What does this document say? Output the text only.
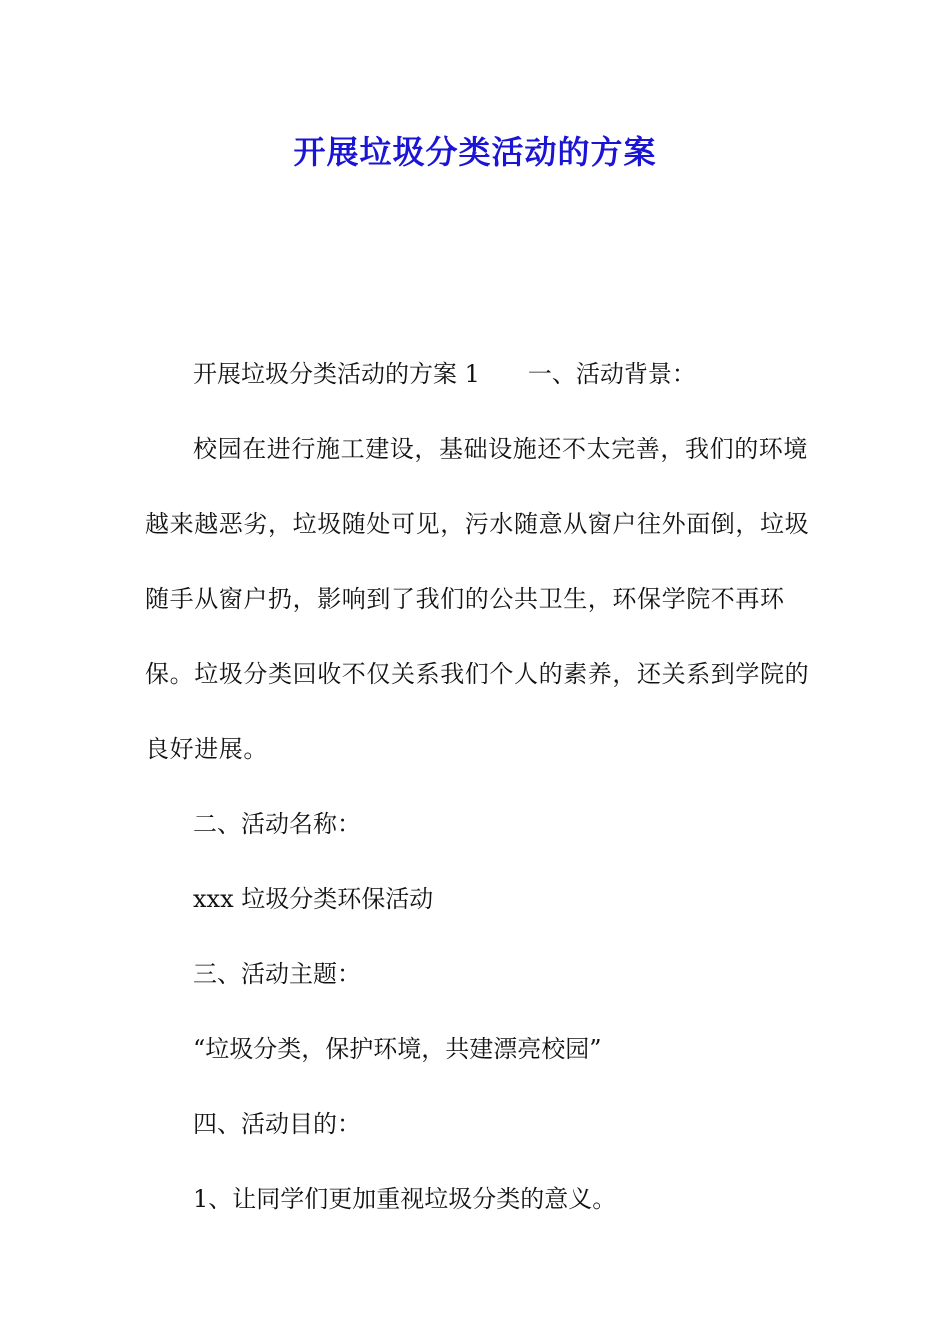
开展垃圾分类活动的方案

开展垃圾分类活动的方案 1　　一、活动背景：

校园在进行施工建设，基础设施还不太完善，我们的环境越来越恶劣，垃圾随处可见，污水随意从窗户往外面倒，垃圾随手从窗户扔，影响到了我们的公共卫生，环保学院不再环保。垃圾分类回收不仅关系我们个人的素养，还关系到学院的良好进展。

二、活动名称：

xxx 垃圾分类环保活动

三、活动主题：

“垃圾分类，保护环境，共建漂亮校园”

四、活动目的：

1、让同学们更加重视垃圾分类的意义。
